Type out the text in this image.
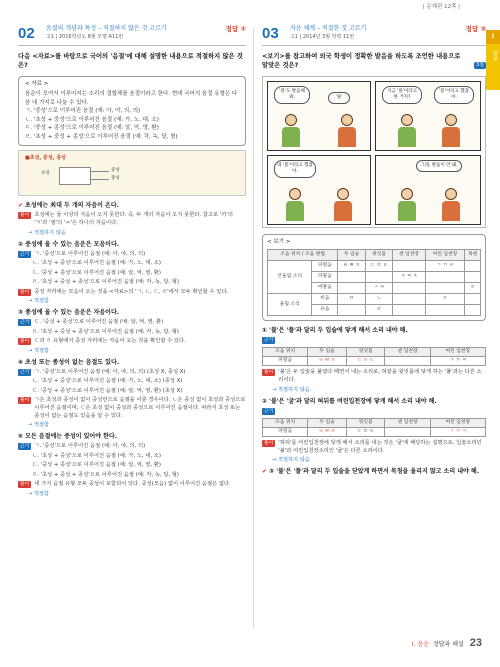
| 문제편 12쪽 |
I
음운
02 음절의 개념과 특성 – 적절하지 않은 것 고르기
고1 | 2016학년도 8월 모평 A11번
정답 ①
다음 <자료>를 바탕으로 국어의 '음절'에 대해 설명한 내용으로 적절하지 않은 것은?
< 자료 >

음운이 모여서 이루어지는 소리의 결합체를 음절이라고 한다. 현대 국어의 음절 유형은 다음 네 가지로 나눌 수 있다.

ㄱ. '중성'으로 이루어진 음절 (예: 아, 야, 의, 의)

ㄴ. '초성 + 중성'으로 이루어진 음절 (예: 가, 노, 대, 소)

ㄷ. '중성 + 종성'으로 이루어진 음절 (예: 알, 억, 영, 환)

ㄹ. '초성 + 중성 + 종성'으로 이루어진 음절 (예: 각, 녹, 달, 형)

■초성, 중성, 종성
초성
중성
종성
✔ 초성에는 최대 두 개의 자음이 온다.
풀이 초성에는 둘 이상의 자음이 오지 못한다. 즉, 두 개의 자음이 오지 못한다. 참고로 '끼'의 'ㄲ'과 '쌀'의 'ㅆ'은 하나의 자음이다.

→ 적절하지 않음
② 중성에 올 수 있는 음운은 모음이다.
근거 ㄱ. '중성'으로 이루어진 음절 (예: 아, 야, 의, 의)

ㄴ. '초성 + 중성'으로 이루어진 음절 (예: 가, 노, 대, 소)

ㄷ. '중성 + 종성'으로 이루어진 음절 (예: 알, 억, 영, 환)

ㄹ. '초성 + 중성 + 종성'으로 이루어진 음절 (예: 각, 녹, 달, 형)

풀이 중성 자리에는 모음이 오는 것을 <자료>의 'ㄱ, ㄴ, ㄷ, ㄹ'에서 모두 확인할 수 있다.

→ 적절함
③ 종성에 올 수 있는 음운은 자음이다.
근거 ㄷ. '중성 + 종성'으로 이루어진 음절 (예: 알, 억, 영, 환)

ㄹ. '초성 + 중성 + 종성'으로 이루어진 음절 (예: 각, 녹, 달, 형)

풀이 ㄷ과 ㄹ 유형에서 종성 자리에는 자음이 오는 것을 확인할 수 있다.

→ 적절함
④ 초성 또는 종성이 없는 음절도 있다.
근거 ㄱ. '중성'으로 이루어진 음절 (예: 아, 야, 의, 의) (초성 X, 종성 X)

ㄴ. '초성 + 중성'으로 이루어진 음절 (예: 가, 노, 대, 소) (종성 X)

ㄷ. '중성 + 종성'으로 이루어진 음절 (예: 알, 억, 영, 환) (초성 X)

풀이 ㄱ은 초성과 종성이 없이 중성만으로 음절을 이룬 경우이다. ㄴ은 종성 없이 초성과 중성으로 이루어진 음절이며, ㄷ은 초성 없이 중성과 종성으로 이루어진 음절이다. 따라서 초성 또는 종성이 없는 음절도 있음을 알 수 있다.

→ 적절함
⑤ 모든 음절에는 중성이 있어야 한다.
근거 ㄱ. '중성'으로 이루어진 음절 (예: 아, 야, 의, 의)

ㄴ. '초성 + 중성'으로 이루어진 음절 (예: 가, 노, 대, 소)

ㄷ. '중성 + 종성'으로 이루어진 음절 (예: 알, 억, 영, 환)

ㄹ. '초성 + 중성 + 종성'으로 이루어진 음절 (예: 각, 녹, 달, 형)

풀이 네 가지 음절 유형 모두 중성이 포함되어 있다. 중성(모음) 없이 이루어진 음절은 없다.

→ 적절함
03 자음 체계 – 적절한 것 고르기
고1 | 2014년 3월 학평 11번
정답 ③
<보기>를 참고하여 외국 학생이 정확한 발음을 하도록 조언한 내용으로 알맞은 것은?	3점
'풀'도 발음해 봐.	'풀'
지금 '풀'이라고 한 거지?
'불'이라고 했잖아.
네 '불'이라고 했잖아.
그래, 발음이 안 돼.
< 보기 >
조음 위치 / 조음 방법		두 입술	윗잇몸	센 입천장	여린 입천장	목청
안울림 소리	파열음	ㅂ ㅃ ㅍ	ㄷ ㄸ ㅌ		ㄱ ㄲ ㅋ	
	파찰음			ㅈ ㅉ ㅊ		
	마찰음		ㅅ ㅆ			ㅎ
울림 소리	비음	ㅁ	ㄴ		ㅇ	
	유음		ㄹ			
① '불'은 '풀'과 달리 두 입술에 닿게 해서 소리 내야 해.
근거
조음 위치	두 입술	윗잇몸	센 입천장	여린 입천장
파열음	ㅂ ㅃ ㅍ	ㄷ ㄸ ㅌ		ㄱ ㄲ ㅋ
풀이 '불'은 두 입술을 붙였다 떼면서 내는 소리로, 혀끝을 윗잇몸에 닿게 하는 '풀'과는 다른 소리이다.

→ 적절하지 않음
② '불'은 '굴'과 달리 혀뒤를 여린입천장에 닿게 해서 소리 내야 해.
근거
조음 위치	두 입술	윗잇몸	센 입천장	여린 입천장
파열음	ㅂ ㅃ ㅍ	ㄷ ㄸ ㅌ		ㄱ ㄲ ㅋ
풀이 '혀뒤'를 여린입천장에 닿게 해서 소리를 내는 것은 '굴'에 해당하는 설명으로, 입술소리인 '불'과 여린입천장소리인 '굴'은 다른 소리이다.

→ 적절하지 않음
✔ ③ '불'은 '풀'과 달리 두 입술을 닫았게 하면서 목청을 울리지 않고 소리 내야 해.
I. 음운 정답과 해설 23
